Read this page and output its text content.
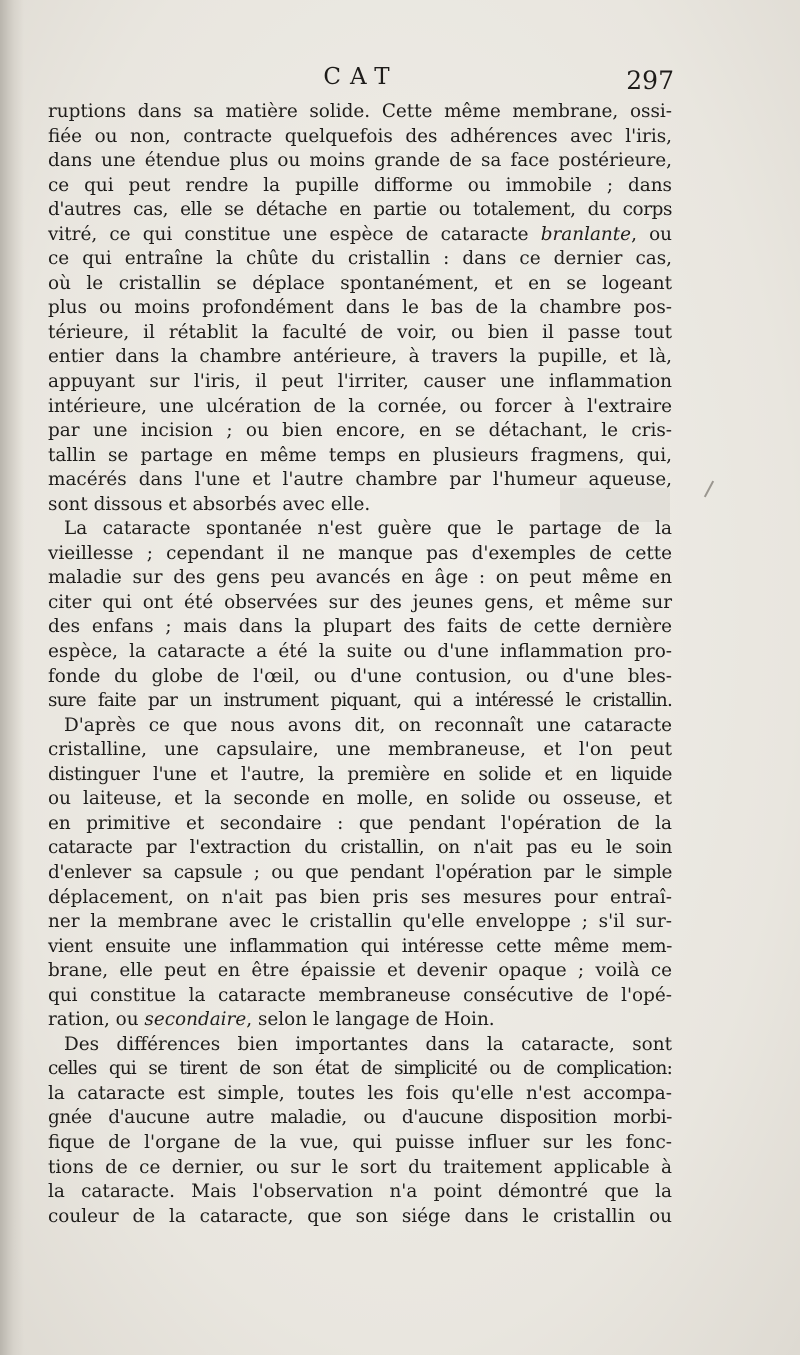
CAT	297
ruptions dans sa matière solide. Cette même membrane, ossi-
fiée ou non, contracte quelquefois des adhérences avec l'iris,
dans une étendue plus ou moins grande de sa face postérieure,
ce qui peut rendre la pupille difforme ou immobile ; dans
d'autres cas, elle se détache en partie ou totalement, du corps
vitré, ce qui constitue une espèce de cataracte branlante, ou
ce qui entraîne la chûte du cristallin : dans ce dernier cas,
où le cristallin se déplace spontanément, et en se logeant
plus ou moins profondément dans le bas de la chambre pos-
térieure, il rétablit la faculté de voir, ou bien il passe tout
entier dans la chambre antérieure, à travers la pupille, et là,
appuyant sur l'iris, il peut l'irriter, causer une inflammation
intérieure, une ulcération de la cornée, ou forcer à l'extraire
par une incision ; ou bien encore, en se détachant, le cris-
tallin se partage en même temps en plusieurs fragmens, qui,
macérés dans l'une et l'autre chambre par l'humeur aqueuse,
sont dissous et absorbés avec elle.
La cataracte spontanée n'est guère que le partage de la
vieillesse ; cependant il ne manque pas d'exemples de cette
maladie sur des gens peu avancés en âge : on peut même en
citer qui ont été observées sur des jeunes gens, et même sur
des enfans ; mais dans la plupart des faits de cette dernière
espèce, la cataracte a été la suite ou d'une inflammation pro-
fonde du globe de l'œil, ou d'une contusion, ou d'une bles-
sure faite par un instrument piquant, qui a intéressé le cristallin.
D'après ce que nous avons dit, on reconnaît une cataracte
cristalline, une capsulaire, une membraneuse, et l'on peut
distinguer l'une et l'autre, la première en solide et en liquide
ou laiteuse, et la seconde en molle, en solide ou osseuse, et
en primitive et secondaire : que pendant l'opération de la
cataracte par l'extraction du cristallin, on n'ait pas eu le soin
d'enlever sa capsule ; ou que pendant l'opération par le simple
déplacement, on n'ait pas bien pris ses mesures pour entraî-
ner la membrane avec le cristallin qu'elle enveloppe ; s'il sur-
vient ensuite une inflammation qui intéresse cette même mem-
brane, elle peut en être épaissie et devenir opaque ; voilà ce
qui constitue la cataracte membraneuse consécutive de l'opé-
ration, ou secondaire, selon le langage de Hoin.
Des différences bien importantes dans la cataracte, sont
celles qui se tirent de son état de simplicité ou de complication:
la cataracte est simple, toutes les fois qu'elle n'est accompa-
gnée d'aucune autre maladie, ou d'aucune disposition morbi-
fique de l'organe de la vue, qui puisse influer sur les fonc-
tions de ce dernier, ou sur le sort du traitement applicable à
la cataracte. Mais l'observation n'a point démontré que la
couleur de la cataracte, que son siége dans le cristallin ou
